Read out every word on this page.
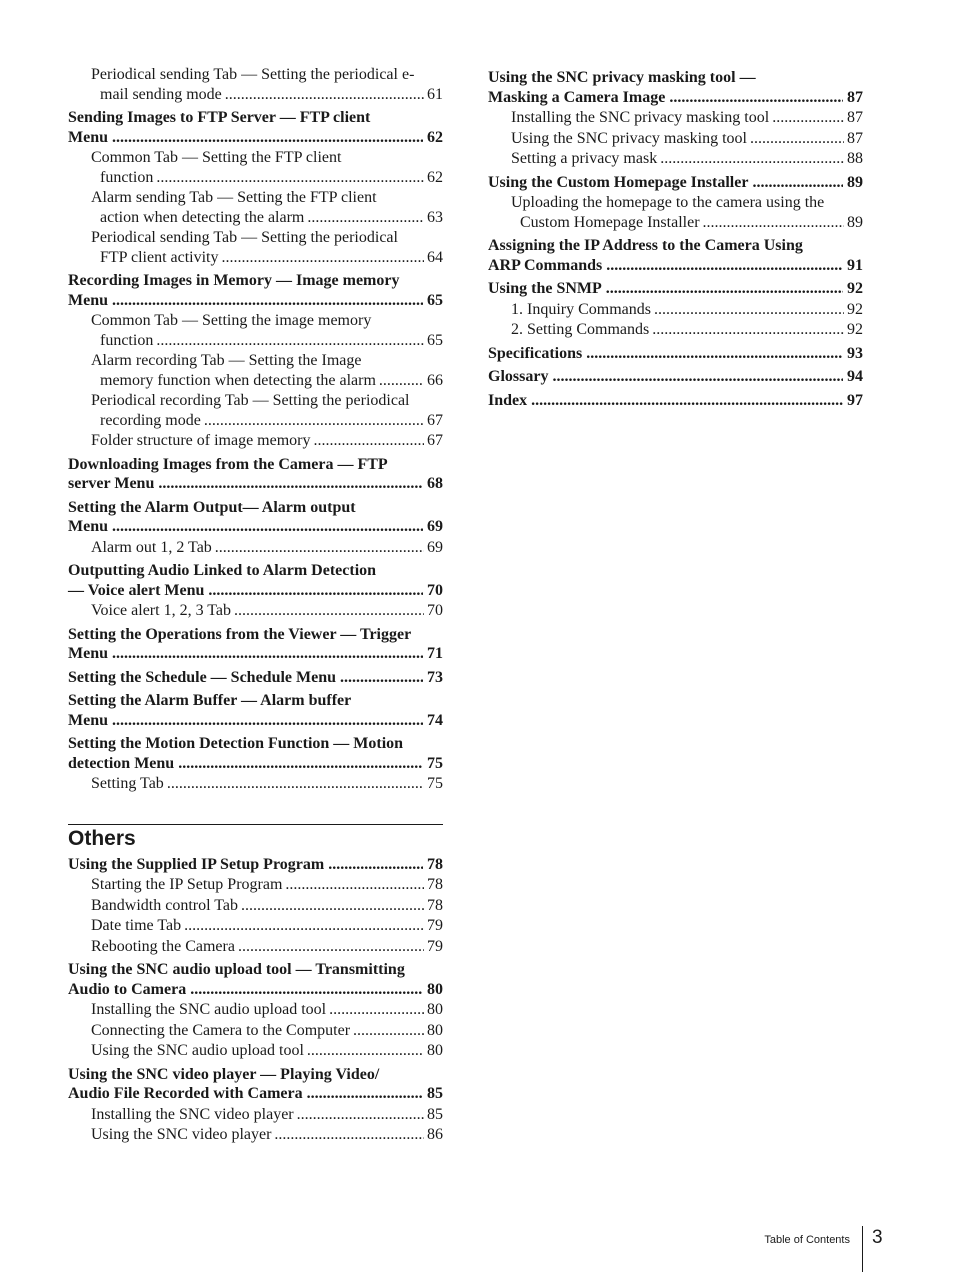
Periodical sending Tab — Setting the periodical e-
mail sending mode .....	61
Sending Images to FTP Server — FTP client
Menu .....	62
Common Tab — Setting the FTP client
function .....	62
Alarm sending Tab — Setting the FTP client
action when detecting the alarm .....	63
Periodical sending Tab — Setting the periodical
FTP client activity .....	64
Recording Images in Memory — Image memory
Menu .....	65
Common Tab — Setting the image memory
function .....	65
Alarm recording Tab — Setting the Image
memory function when detecting the alarm .....	66
Periodical recording Tab — Setting the periodical
recording mode .....	67
Folder structure of image memory .....	67
Downloading Images from the Camera — FTP
server Menu .....	68
Setting the Alarm Output— Alarm output
Menu .....	69
Alarm out 1, 2 Tab .....	69
Outputting Audio Linked to Alarm Detection
— Voice alert Menu .....	70
Voice alert 1, 2, 3 Tab .....	70
Setting the Operations from the Viewer — Trigger
Menu .....	71
Setting the Schedule — Schedule Menu .....	73
Setting the Alarm Buffer — Alarm buffer
Menu .....	74
Setting the Motion Detection Function — Motion
detection Menu .....	75
Setting Tab .....	75
Others
Using the Supplied IP Setup Program .....	78
Starting the IP Setup Program .....	78
Bandwidth control Tab .....	78
Date time Tab .....	79
Rebooting the Camera .....	79
Using the SNC audio upload tool — Transmitting
Audio to Camera .....	80
Installing the SNC audio upload tool .....	80
Connecting the Camera to the Computer .....	80
Using the SNC audio upload tool .....	80
Using the SNC video player — Playing Video/
Audio File Recorded with Camera .....	85
Installing the SNC video player .....	85
Using the SNC video player .....	86
Using the SNC privacy masking tool —
Masking a Camera Image .....	87
Installing the SNC privacy masking tool .....	87
Using the SNC privacy masking tool .....	87
Setting a privacy mask .....	88
Using the Custom Homepage Installer .....	89
Uploading the homepage to the camera using the
Custom Homepage Installer .....	89
Assigning the IP Address to the Camera Using
ARP Commands .....	91
Using the SNMP .....	92
1. Inquiry Commands .....	92
2. Setting Commands .....	92
Specifications .....	93
Glossary .....	94
Index .....	97
Table of Contents 3
